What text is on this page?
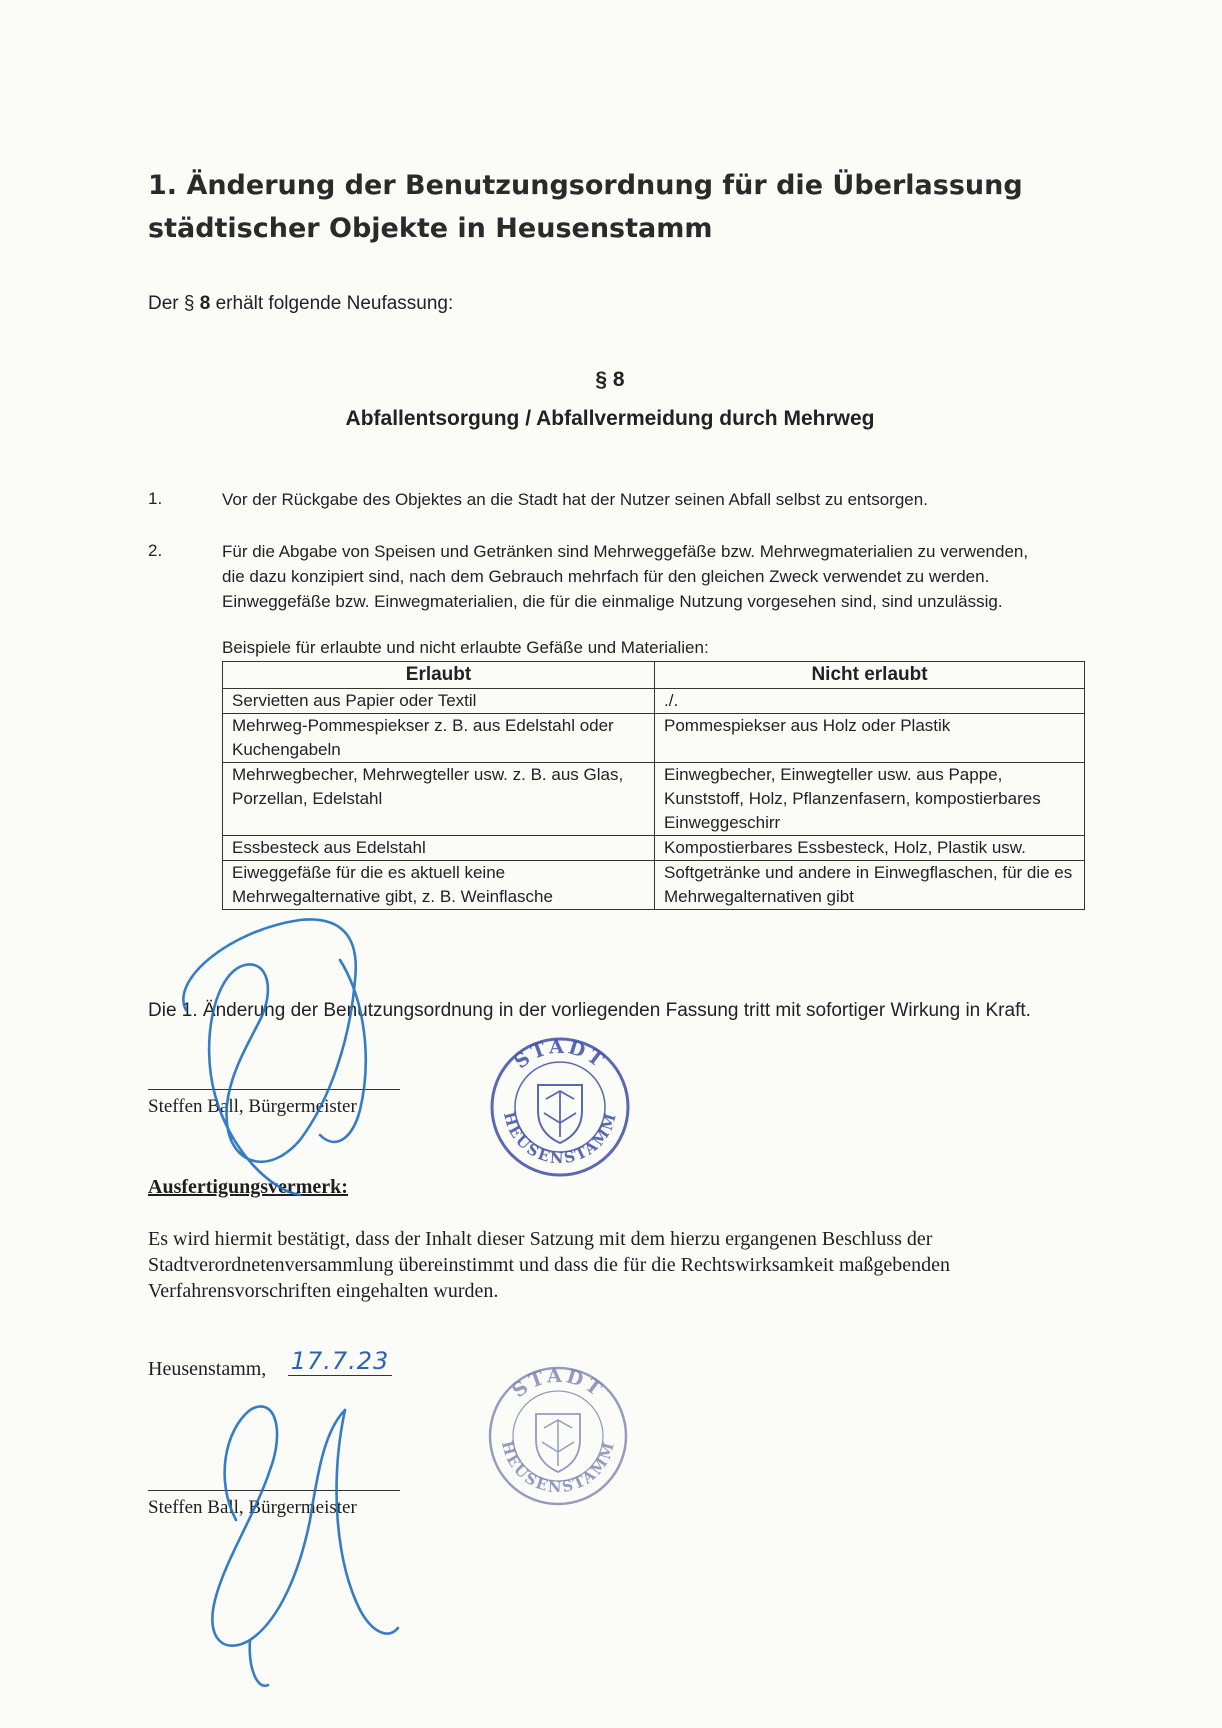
1. Änderung der Benutzungsordnung für die Überlassung
städtischer Objekte in Heusenstamm
Der § 8 erhält folgende Neufassung:
§ 8
Abfallentsorgung / Abfallvermeidung durch Mehrweg
1.	Vor der Rückgabe des Objektes an die Stadt hat der Nutzer seinen Abfall selbst zu entsorgen.
2.	Für die Abgabe von Speisen und Getränken sind Mehrweggefäße bzw. Mehrwegmaterialien zu verwenden,
die dazu konzipiert sind, nach dem Gebrauch mehrfach für den gleichen Zweck verwendet zu werden.
Einweggefäße bzw. Einwegmaterialien, die für die einmalige Nutzung vorgesehen sind, sind unzulässig.
Beispiele für erlaubte und nicht erlaubte Gefäße und Materialien:
Erlaubt	Nicht erlaubt
Servietten aus Papier oder Textil	./.
Mehrweg-Pommespiekser z. B. aus Edelstahl oder Kuchengabeln	Pommespiekser aus Holz oder Plastik
Mehrwegbecher, Mehrwegteller usw. z. B. aus Glas, Porzellan, Edelstahl	Einwegbecher, Einwegteller usw. aus Pappe, Kunststoff, Holz, Pflanzenfasern, kompostierbares Einweggeschirr
Essbesteck aus Edelstahl	Kompostierbares Essbesteck, Holz, Plastik usw.
Eiweggefäße für die es aktuell keine Mehrwegalternative gibt, z. B. Weinflasche	Softgetränke und andere in Einwegflaschen, für die es Mehrwegalternativen gibt
Die 1. Änderung der Benutzungsordnung in der vorliegenden Fassung tritt mit sofortiger Wirkung in Kraft.
Steffen Ball, Bürgermeister
Ausfertigungsvermerk:
Es wird hiermit bestätigt, dass der Inhalt dieser Satzung mit dem hierzu ergangenen Beschluss der
Stadtverordnetenversammlung übereinstimmt und dass die für die Rechtswirksamkeit maßgebenden
Verfahrensvorschriften eingehalten wurden.
Heusenstamm, 17.7.23
Steffen Ball, Bürgermeister
STADT
HEUSENSTAMM
STADT
HEUSENSTAMM
